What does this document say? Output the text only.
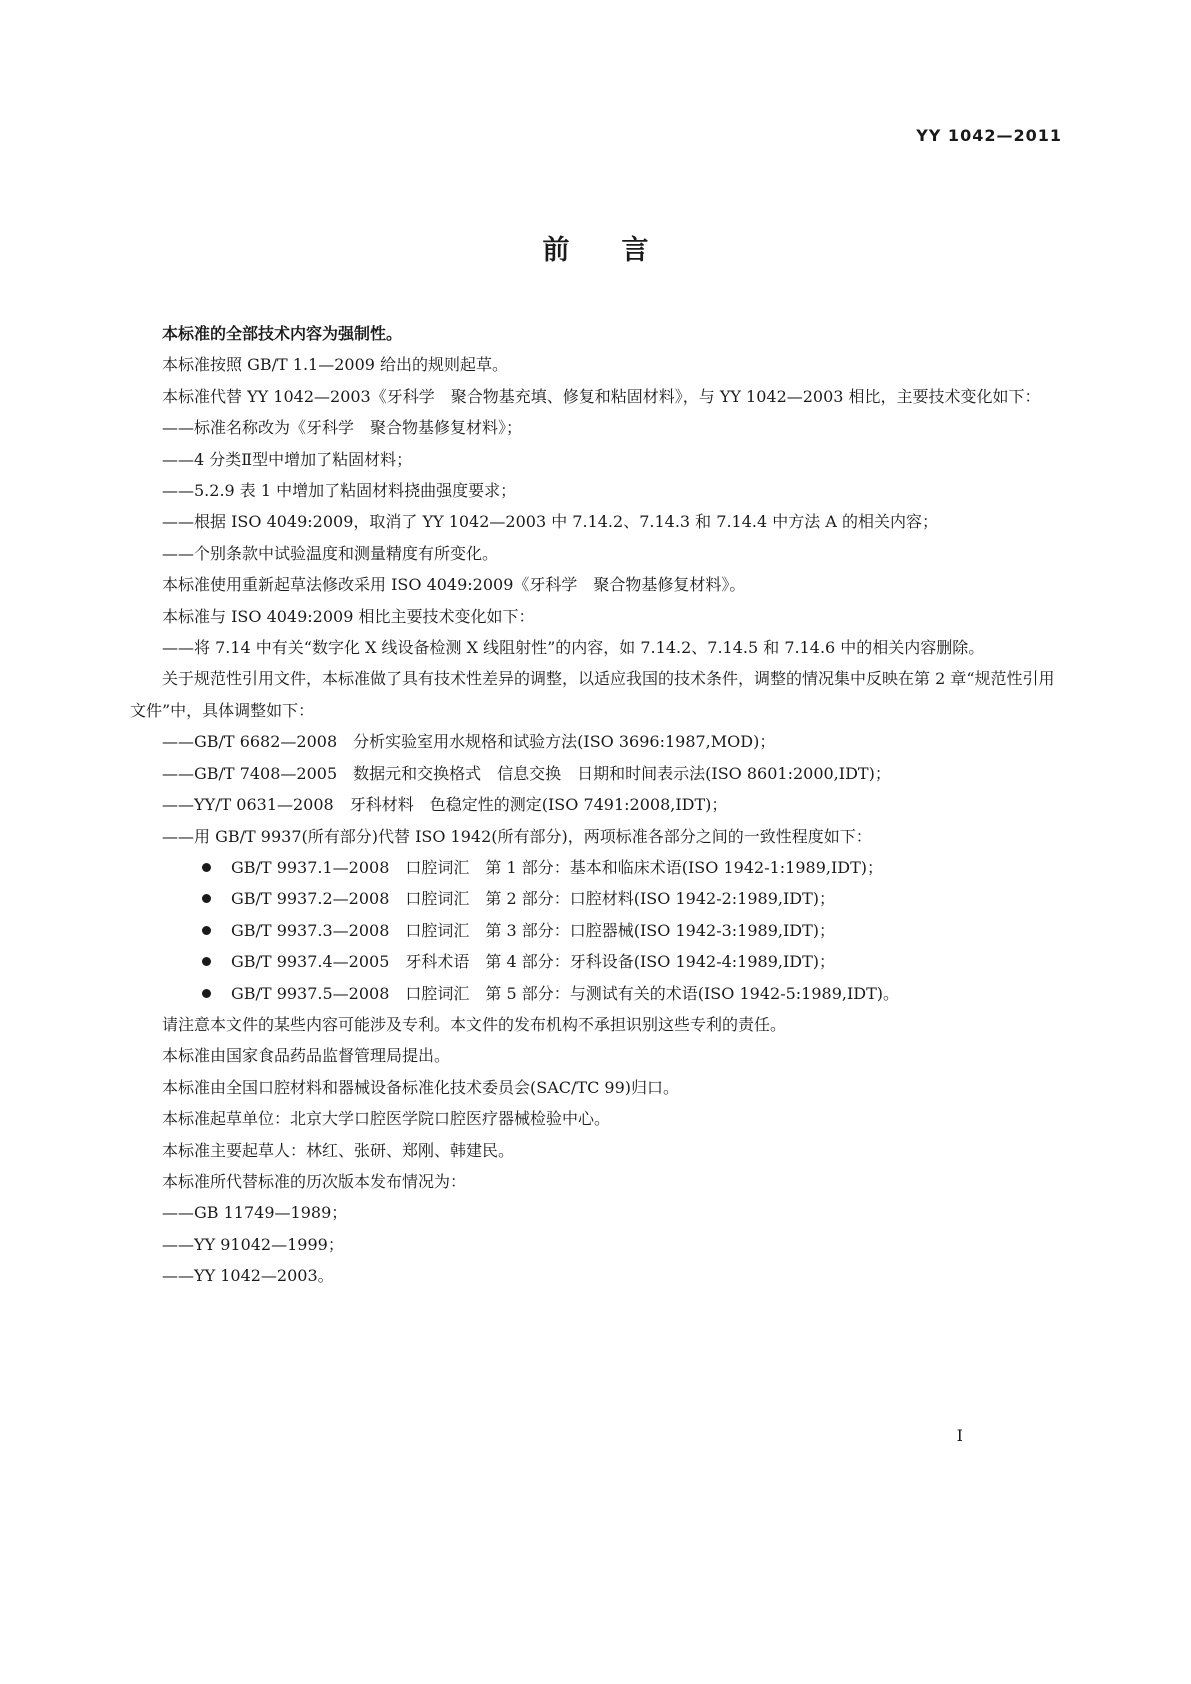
YY 1042—2011
前言

本标准的全部技术内容为强制性。

本标准按照 GB/T 1.1—2009 给出的规则起草。

本标准代替 YY 1042—2003《牙科学　聚合物基充填、修复和粘固材料》，与 YY 1042—2003 相比，主要技术变化如下：

——标准名称改为《牙科学　聚合物基修复材料》；

——4 分类Ⅱ型中增加了粘固材料；

——5.2.9 表 1 中增加了粘固材料挠曲强度要求；

——根据 ISO 4049:2009，取消了 YY 1042—2003 中 7.14.2、7.14.3 和 7.14.4 中方法 A 的相关内容；

——个别条款中试验温度和测量精度有所变化。

本标准使用重新起草法修改采用 ISO 4049:2009《牙科学　聚合物基修复材料》。

本标准与 ISO 4049:2009 相比主要技术变化如下：

——将 7.14 中有关“数字化 X 线设备检测 X 线阻射性”的内容，如 7.14.2、7.14.5 和 7.14.6 中的相关内容删除。

关于规范性引用文件，本标准做了具有技术性差异的调整，以适应我国的技术条件，调整的情况集中反映在第 2 章“规范性引用文件”中，具体调整如下：

——GB/T 6682—2008　分析实验室用水规格和试验方法(ISO 3696:1987,MOD)；

——GB/T 7408—2005　数据元和交换格式　信息交换　日期和时间表示法(ISO 8601:2000,IDT)；

——YY/T 0631—2008　牙科材料　色稳定性的测定(ISO 7491:2008,IDT)；

——用 GB/T 9937(所有部分)代替 ISO 1942(所有部分)，两项标准各部分之间的一致性程度如下：

GB/T 9937.1—2008　口腔词汇　第 1 部分：基本和临床术语(ISO 1942-1:1989,IDT)；

GB/T 9937.2—2008　口腔词汇　第 2 部分：口腔材料(ISO 1942-2:1989,IDT)；

GB/T 9937.3—2008　口腔词汇　第 3 部分：口腔器械(ISO 1942-3:1989,IDT)；

GB/T 9937.4—2005　牙科术语　第 4 部分：牙科设备(ISO 1942-4:1989,IDT)；

GB/T 9937.5—2008　口腔词汇　第 5 部分：与测试有关的术语(ISO 1942-5:1989,IDT)。

请注意本文件的某些内容可能涉及专利。本文件的发布机构不承担识别这些专利的责任。

本标准由国家食品药品监督管理局提出。

本标准由全国口腔材料和器械设备标准化技术委员会(SAC/TC 99)归口。

本标准起草单位：北京大学口腔医学院口腔医疗器械检验中心。

本标准主要起草人：林红、张研、郑刚、韩建民。

本标准所代替标准的历次版本发布情况为：

——GB 11749—1989；

——YY 91042—1999；

——YY 1042—2003。

I
